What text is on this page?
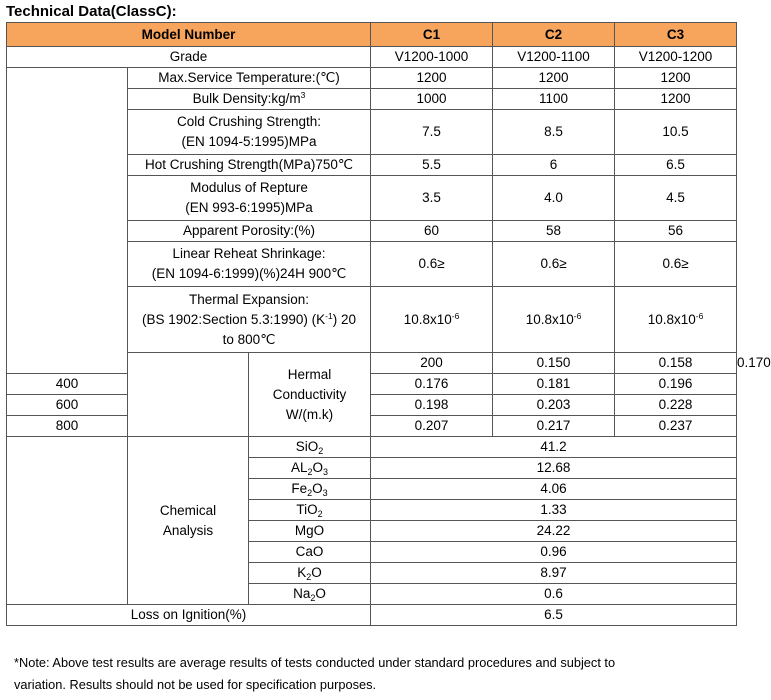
Technical Data(ClassC):
Model Number			C1	C2	C3	
Grade			V1200-1000	V1200-1100	V1200-1200	
	Max.Service Temperature:(℃)		1200	1200	1200	
	Bulk $Density:kg/m^3$		1000	1100	1200	

	Cold Crushing Strength:
(EN 1094-5:1995)MPa		7.5	8.5	10.5	
	Hot Crushing Strength(MPa)750℃		5.5	6	6.5	

	Modulus of Repture
(EN 993-6:1995)MPa		3.5	4.0	4.5	
	Apparent Porosity:(%)		60	58	56	

	Linear Reheat Shrinkage:
(EN 1094-6:1999)(%)24H 900℃		0.6≥	0.6≥	0.6≥	

	Thermal Expansion:
(BS 1902:Section 5.3:1990) $(K^{-1})$ 20
to 800℃		$10.8x10^{-6}$	$10.8x10^{-6}$	$10.8x10^{-6}$

		Hermal
Conductivity
W/(m.k)	200	0.150	0.158	0.170
400			0.176	0.181	0.196	
600			0.198	0.203	0.228	
800			0.207	0.217	0.237	

	Chemical
Analysis	SiO$_2$	41.2			
		$AL_2O_3$	12.68			
		$Fe_2O_3$	4.06			
		TiO$_2$	1.33			
		MgO	24.22			
		CaO	0.96			
		$K_2O$	8.97			
		$Na_2O$	0.6			
Loss on Ignition(%)			6.5			
*Note: Above test results are average results of tests conducted under standard procedures and subject to
variation. Results should not be used for specification purposes.
